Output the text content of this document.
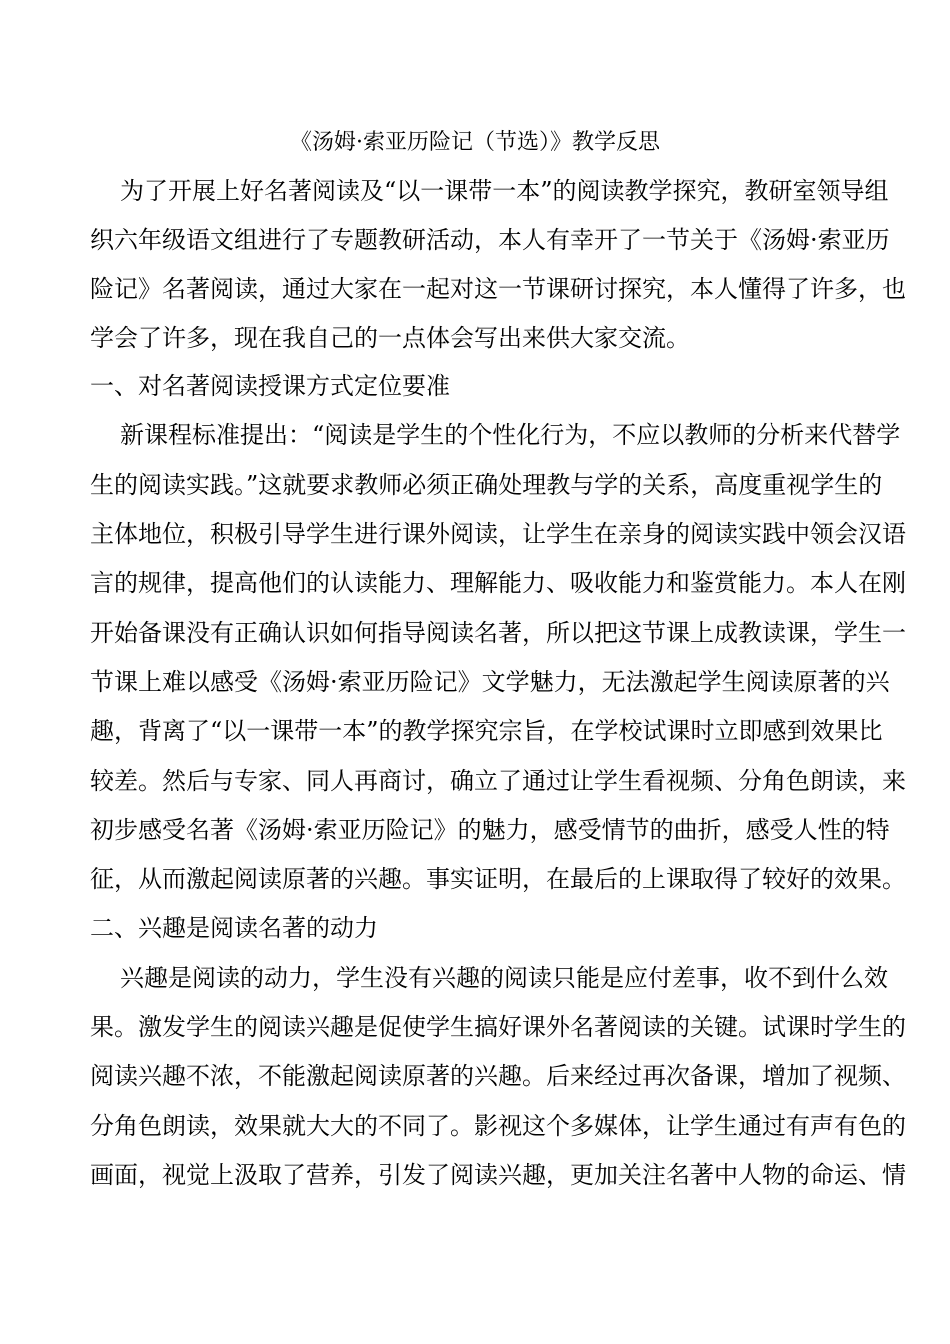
《汤姆·索亚历险记（节选）》教学反思
为了开展上好名著阅读及“以一课带一本”的阅读教学探究，教研室领导组
织六年级语文组进行了专题教研活动，本人有幸开了一节关于《汤姆·索亚历
险记》名著阅读，通过大家在一起对这一节课研讨探究，本人懂得了许多，也
学会了许多，现在我自己的一点体会写出来供大家交流。
一、对名著阅读授课方式定位要准
新课程标准提出：“阅读是学生的个性化行为，不应以教师的分析来代替学
生的阅读实践。”这就要求教师必须正确处理教与学的关系，高度重视学生的
主体地位，积极引导学生进行课外阅读，让学生在亲身的阅读实践中领会汉语
言的规律，提高他们的认读能力、理解能力、吸收能力和鉴赏能力。本人在刚
开始备课没有正确认识如何指导阅读名著，所以把这节课上成教读课，学生一
节课上难以感受《汤姆·索亚历险记》文学魅力，无法激起学生阅读原著的兴
趣，背离了“以一课带一本”的教学探究宗旨，在学校试课时立即感到效果比
较差。然后与专家、同人再商讨，确立了通过让学生看视频、分角色朗读，来
初步感受名著《汤姆·索亚历险记》的魅力，感受情节的曲折，感受人性的特
征，从而激起阅读原著的兴趣。事实证明，在最后的上课取得了较好的效果。
二、兴趣是阅读名著的动力
兴趣是阅读的动力，学生没有兴趣的阅读只能是应付差事，收不到什么效
果。激发学生的阅读兴趣是促使学生搞好课外名著阅读的关键。试课时学生的
阅读兴趣不浓，不能激起阅读原著的兴趣。后来经过再次备课，增加了视频、
分角色朗读，效果就大大的不同了。影视这个多媒体，让学生通过有声有色的
画面，视觉上汲取了营养，引发了阅读兴趣，更加关注名著中人物的命运、情
